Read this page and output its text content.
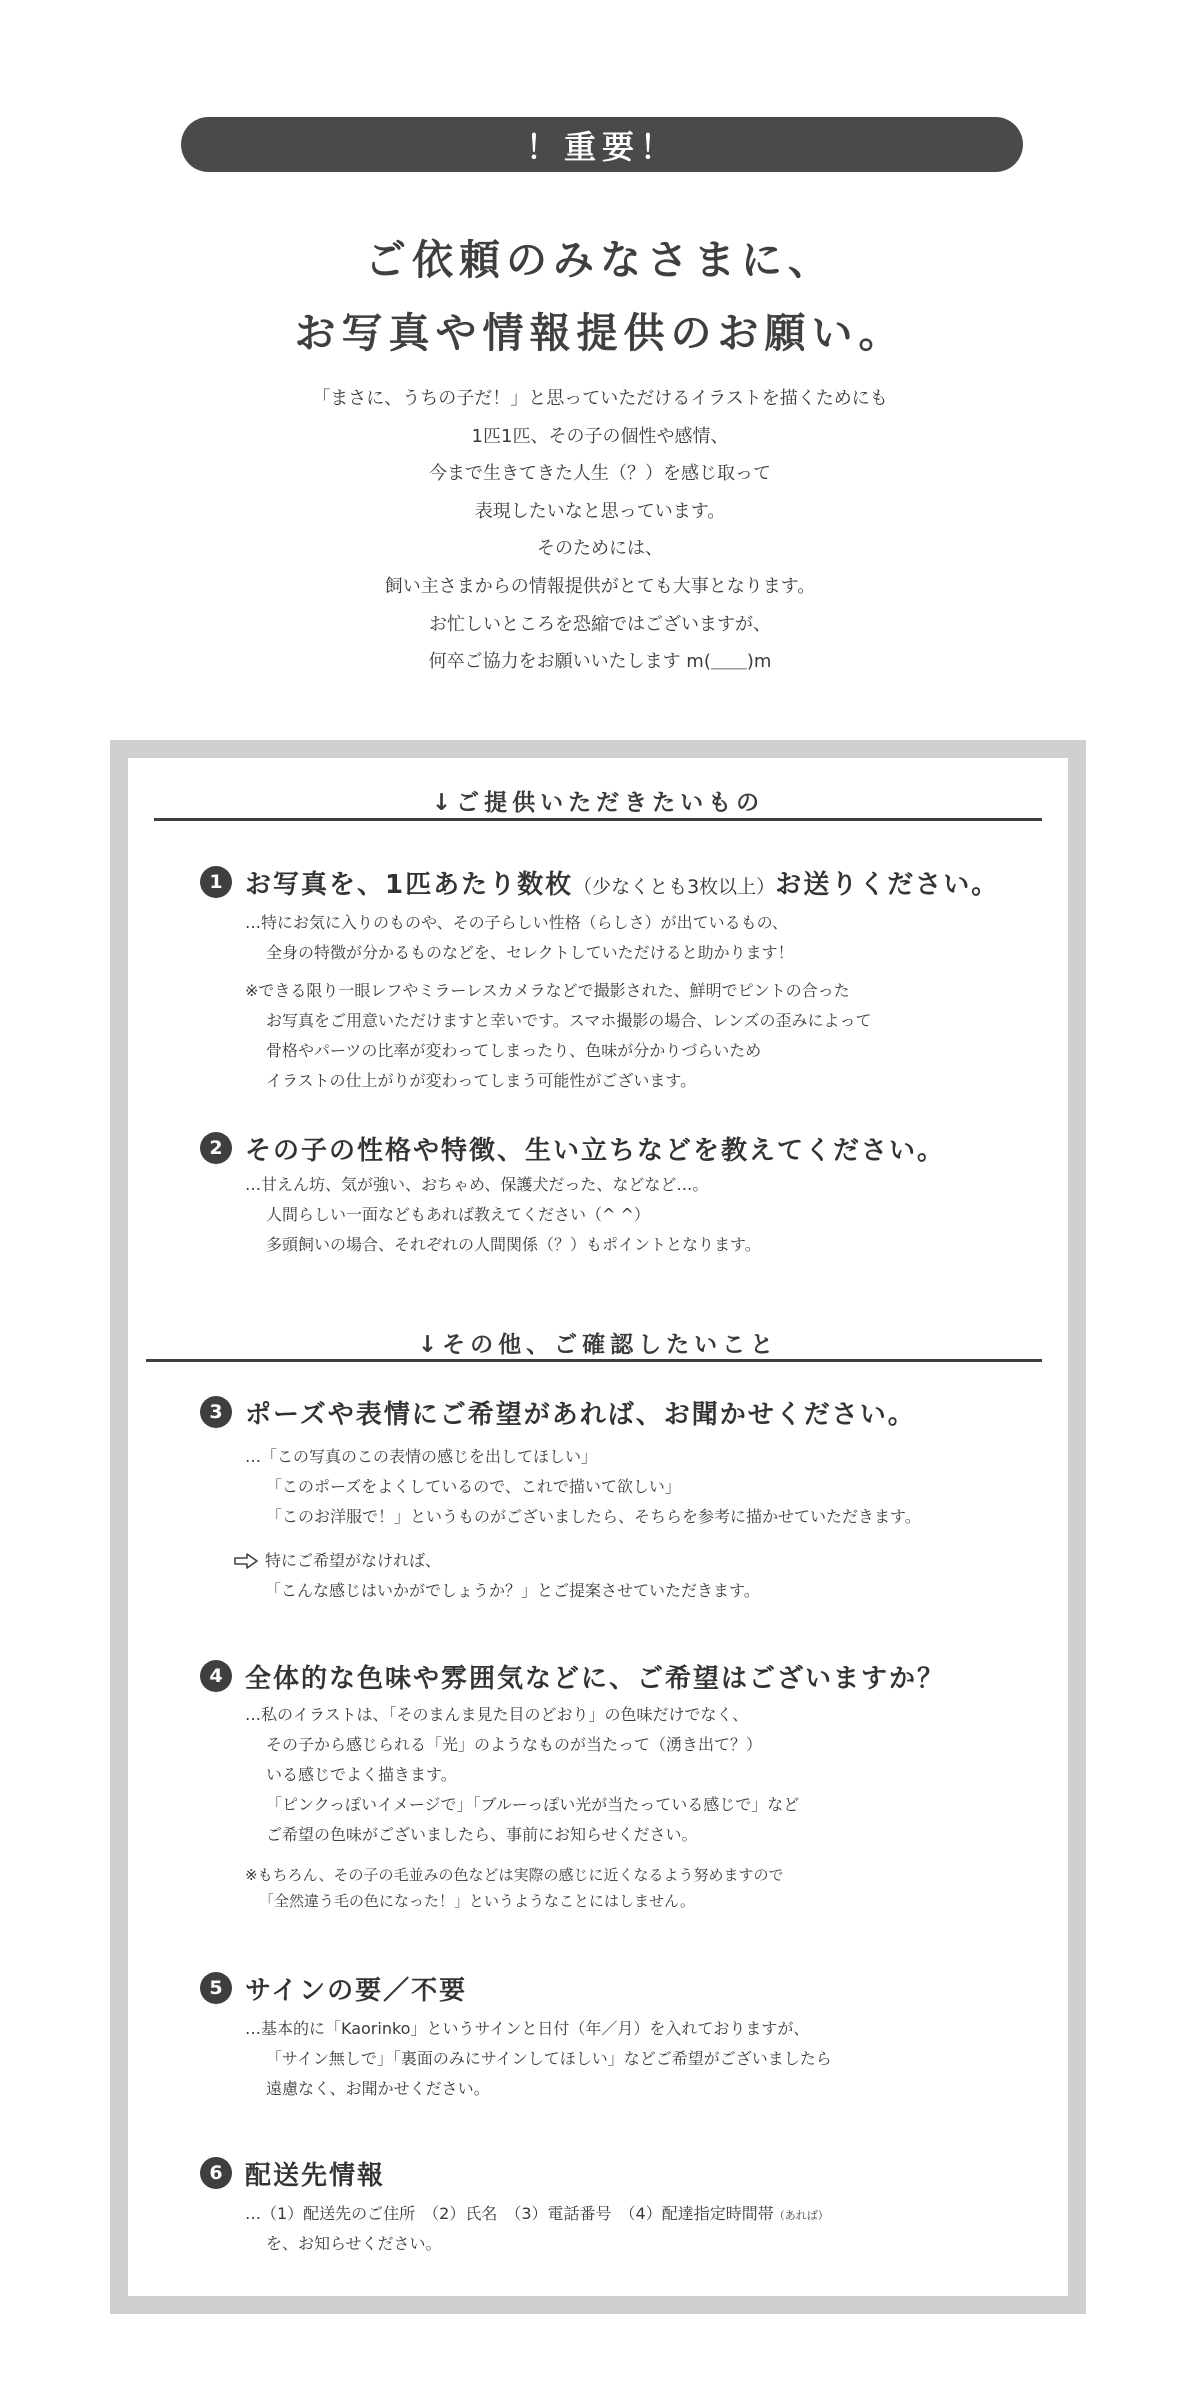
！重要！
ご依頼のみなさまに、
お写真や情報提供のお願い。

「まさに、うちの子だ！」と思っていただけるイラストを描くためにも

1匹1匹、その子の個性や感情、

今まで生きてきた人生（？）を感じ取って

表現したいなと思っています。

そのためには、

飼い主さまからの情報提供がとても大事となります。

お忙しいところを恐縮ではございますが、

何卒ご協力をお願いいたします m(＿＿)m

↓ご提供いただきたいもの
1 お写真を、1匹あたり数枚（少なくとも3枚以上）お送りください。
…特にお気に入りのものや、その子らしい性格（らしさ）が出ているもの、
全身の特徴が分かるものなどを、セレクトしていただけると助かります！
※できる限り一眼レフやミラーレスカメラなどで撮影された、鮮明でピントの合った
お写真をご用意いただけますと幸いです。スマホ撮影の場合、レンズの歪みによって
骨格やパーツの比率が変わってしまったり、色味が分かりづらいため
イラストの仕上がりが変わってしまう可能性がございます。
2 その子の性格や特徴、生い立ちなどを教えてください。
…甘えん坊、気が強い、おちゃめ、保護犬だった、などなど…。
人間らしい一面などもあれば教えてください（^ ^）
多頭飼いの場合、それぞれの人間関係（？）もポイントとなります。
↓その他、ご確認したいこと
3 ポーズや表情にご希望があれば、お聞かせください。
…「この写真のこの表情の感じを出してほしい」
「このポーズをよくしているので、これで描いて欲しい」
「このお洋服で！」というものがございましたら、そちらを参考に描かせていただきます。
特にご希望がなければ、
「こんな感じはいかがでしょうか？」とご提案させていただきます。
4 全体的な色味や雰囲気などに、ご希望はございますか？
…私のイラストは、「そのまんま見た目のどおり」の色味だけでなく、
その子から感じられる「光」のようなものが当たって（湧き出て？）
いる感じでよく描きます。
「ピンクっぽいイメージで」「ブルーっぽい光が当たっている感じで」など
ご希望の色味がございましたら、事前にお知らせください。
※もちろん、その子の毛並みの色などは実際の感じに近くなるよう努めますので
「全然違う毛の色になった！」というようなことにはしません。
5 サインの要／不要
…基本的に「Kaorinko」というサインと日付（年／月）を入れておりますが、
「サイン無しで」「裏面のみにサインしてほしい」などご希望がございましたら
遠慮なく、お聞かせください。
6 配送先情報
…（1）配送先のご住所　（2）氏名　（3）電話番号　（4）配達指定時間帯（あれば）
を、お知らせください。
